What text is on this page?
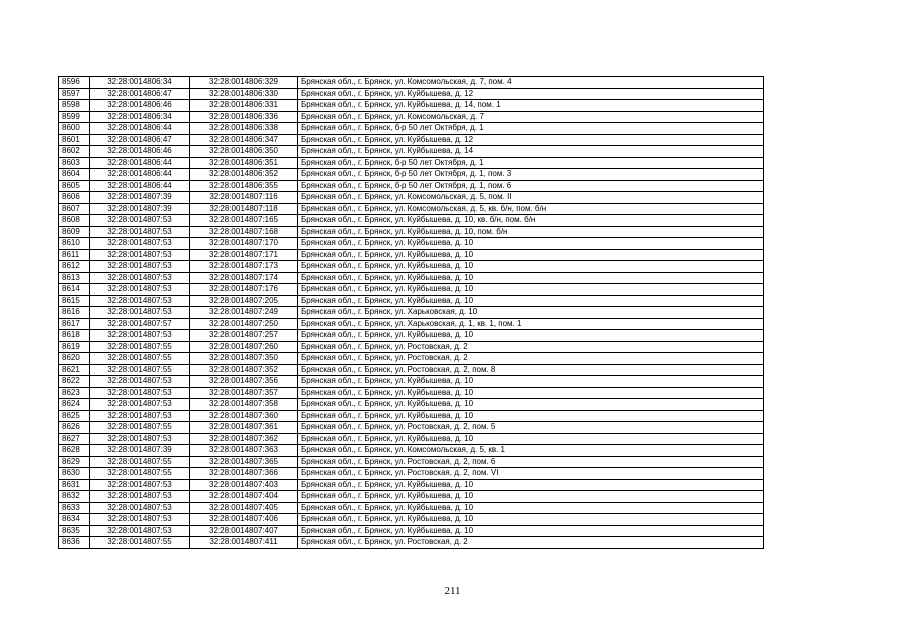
8596	32:28:0014806:34	32:28:0014806:329	Брянская обл., г. Брянск, ул. Комсомольская, д. 7, пом. 4
8597	32:28:0014806:47	32:28:0014806:330	Брянская обл., г. Брянск, ул. Куйбышева, д. 12
8598	32:28:0014806:46	32:28:0014806:331	Брянская обл., г. Брянск, ул. Куйбышева, д. 14, пом. 1
8599	32:28:0014806:34	32:28:0014806:336	Брянская обл., г. Брянск, ул. Комсомольская, д. 7
8600	32:28:0014806:44	32:28:0014806:338	Брянская обл., г. Брянск, б-р 50 лет Октября, д. 1
8601	32:28:0014806:47	32:28:0014806:347	Брянская обл., г. Брянск, ул. Куйбышева, д. 12
8602	32:28:0014806:46	32:28:0014806:350	Брянская обл., г. Брянск, ул. Куйбышева, д. 14
8603	32:28:0014806:44	32:28:0014806:351	Брянская обл., г. Брянск, б-р 50 лет Октября, д. 1
8604	32:28:0014806:44	32:28:0014806:352	Брянская обл., г. Брянск, б-р 50 лет Октября, д. 1, пом. 3
8605	32:28:0014806:44	32:28:0014806:355	Брянская обл., г. Брянск, б-р 50 лет Октября, д. 1, пом. 6
8606	32:28:0014807:39	32:28:0014807:116	Брянская обл., г. Брянск, ул. Комсомольская, д. 5, пом. II
8607	32:28:0014807:39	32:28:0014807:118	Брянская обл., г. Брянск, ул. Комсомольская, д. 5, кв. б/н, пом. б/н
8608	32:28:0014807:53	32:28:0014807:165	Брянская обл., г. Брянск, ул. Куйбышева, д. 10, кв. б/н, пом. б/н
8609	32:28:0014807:53	32:28:0014807:168	Брянская обл., г. Брянск, ул. Куйбышева, д. 10, пом. б/н
8610	32:28:0014807:53	32:28:0014807:170	Брянская обл., г. Брянск, ул. Куйбышева, д. 10
8611	32:28:0014807:53	32:28:0014807:171	Брянская обл., г. Брянск, ул. Куйбышева, д. 10
8612	32:28:0014807:53	32:28:0014807:173	Брянская обл., г. Брянск, ул. Куйбышева, д. 10
8613	32:28:0014807:53	32:28:0014807:174	Брянская обл., г. Брянск, ул. Куйбышева, д. 10
8614	32:28:0014807:53	32:28:0014807:176	Брянская обл., г. Брянск, ул. Куйбышева, д. 10
8615	32:28:0014807:53	32:28:0014807:205	Брянская обл., г. Брянск, ул. Куйбышева, д. 10
8616	32:28:0014807:53	32:28:0014807:249	Брянская обл., г. Брянск, ул. Харьковская, д. 10
8617	32:28:0014807:57	32:28:0014807:250	Брянская обл., г. Брянск, ул. Харьковская, д. 1, кв. 1, пом. 1
8618	32:28:0014807:53	32:28:0014807:257	Брянская обл., г. Брянск, ул. Куйбышева, д. 10
8619	32:28:0014807:55	32:28:0014807:260	Брянская обл., г. Брянск, ул. Ростовская, д. 2
8620	32:28:0014807:55	32:28:0014807:350	Брянская обл., г. Брянск, ул. Ростовская, д. 2
8621	32:28:0014807:55	32:28:0014807:352	Брянская обл., г. Брянск, ул. Ростовская, д. 2, пом. 8
8622	32:28:0014807:53	32:28:0014807:356	Брянская обл., г. Брянск, ул. Куйбышева, д. 10
8623	32:28:0014807:53	32:28:0014807:357	Брянская обл., г. Брянск, ул. Куйбышева, д. 10
8624	32:28:0014807:53	32:28:0014807:358	Брянская обл., г. Брянск, ул. Куйбышева, д. 10
8625	32:28:0014807:53	32:28:0014807:360	Брянская обл., г. Брянск, ул. Куйбышева, д. 10
8626	32:28:0014807:55	32:28:0014807:361	Брянская обл., г. Брянск, ул. Ростовская, д. 2, пом. 5
8627	32:28:0014807:53	32:28:0014807:362	Брянская обл., г. Брянск, ул. Куйбышева, д. 10
8628	32:28:0014807:39	32:28:0014807:363	Брянская обл., г. Брянск, ул. Комсомольская, д. 5, кв. 1
8629	32:28:0014807:55	32:28:0014807:365	Брянская обл., г. Брянск, ул. Ростовская, д. 2, пом. 6
8630	32:28:0014807:55	32:28:0014807:366	Брянская обл., г. Брянск, ул. Ростовская, д. 2, пом. VI
8631	32:28:0014807:53	32:28:0014807:403	Брянская обл., г. Брянск, ул. Куйбышева, д. 10
8632	32:28:0014807:53	32:28:0014807:404	Брянская обл., г. Брянск, ул. Куйбышева, д. 10
8633	32:28:0014807:53	32:28:0014807:405	Брянская обл., г. Брянск, ул. Куйбышева, д. 10
8634	32:28:0014807:53	32:28:0014807:406	Брянская обл., г. Брянск, ул. Куйбышева, д. 10
8635	32:28:0014807:53	32:28:0014807:407	Брянская обл., г. Брянск, ул. Куйбышева, д. 10
8636	32:28:0014807:55	32:28:0014807:411	Брянская обл., г. Брянск, ул. Ростовская, д. 2
211
